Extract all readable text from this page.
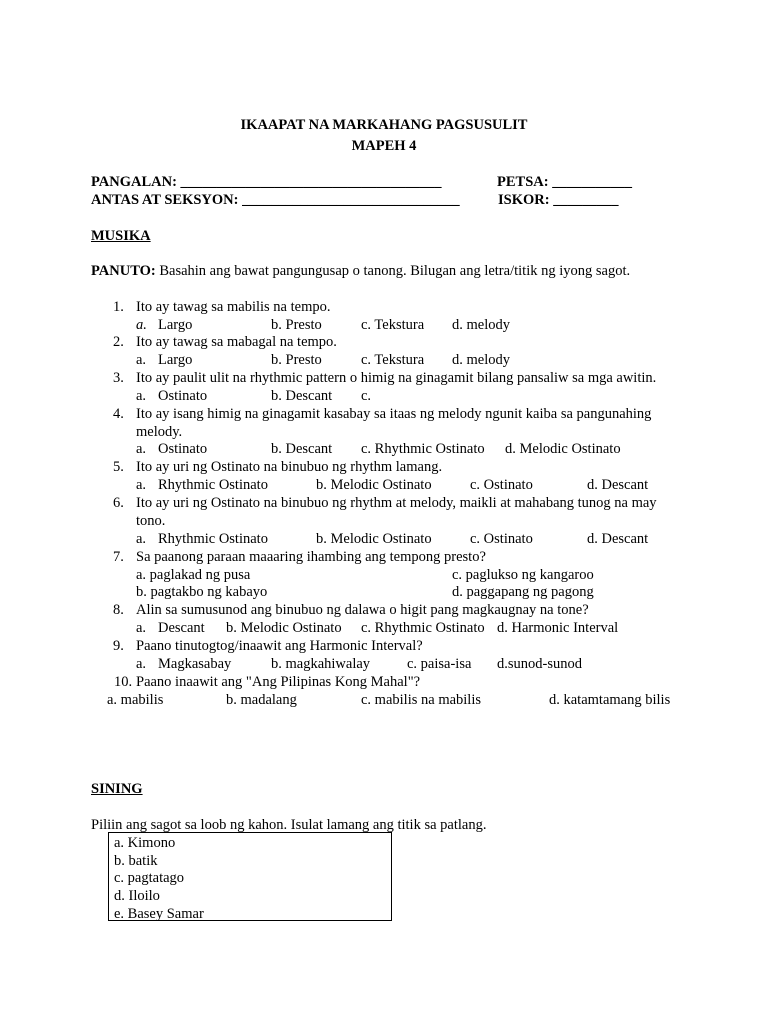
IKAAPAT NA MARKAHANG PAGSUSULIT
MAPEH 4
PANGALAN: ____________________________________	PETSA: ___________
ANTAS AT SEKSYON: ______________________________	ISKOR: _________
MUSIKA
PANUTO: Basahin ang bawat pangungusap o tanong. Bilugan ang letra/titik ng iyong sagot.
1. Ito ay tawag sa mabilis na tempo.
a. Largo	b. Presto	c. Tekstura d. melody
2. Ito ay tawag sa mabagal na tempo.
a. Largo	b. Presto	c. Tekstura d. melody
3. Ito ay paulit ulit na rhythmic pattern o himig na ginagamit bilang pansaliw sa mga awitin.
a. Ostinato	b. Descant c.
4. Ito ay isang himig na ginagamit kasabay sa itaas ng melody ngunit kaiba sa pangunahing
melody.
a. Ostinato	b. Descant c. Rhythmic Ostinato d. Melodic Ostinato
5. Ito ay uri ng Ostinato na binubuo ng rhythm lamang.
a. Rhythmic Ostinato	b. Melodic Ostinato	c. Ostinato	d. Descant
6. Ito ay uri ng Ostinato na binubuo ng rhythm at melody, maikli at mahabang tunog na may
tono.
a. Rhythmic Ostinato	b. Melodic Ostinato	c. Ostinato	d. Descant
7. Sa paanong paraan maaaring ihambing ang tempong presto?
a. paglakad ng pusa	c. paglukso ng kangaroo
b. pagtakbo ng kabayo	d. paggapang ng pagong
8. Alin sa sumusunod ang binubuo ng dalawa o higit pang magkaugnay na tone?
a. Descant b. Melodic Ostinato c. Rhythmic Ostinato d. Harmonic Interval
9. Paano tinutogtog/inaawit ang Harmonic Interval?
a. Magkasabay	b. magkahiwalay	c. paisa-isa d.sunod-sunod
10. Paano inaawit ang "Ang Pilipinas Kong Mahal"?
a. mabilis	b. madalang	c. mabilis na mabilis	d. katamtamang bilis
SINING
Piliin ang sagot sa loob ng kahon. Isulat lamang ang titik sa patlang.
a. Kimono
b. batik
c. pagtatago
d. Iloilo
e. Basey Samar
